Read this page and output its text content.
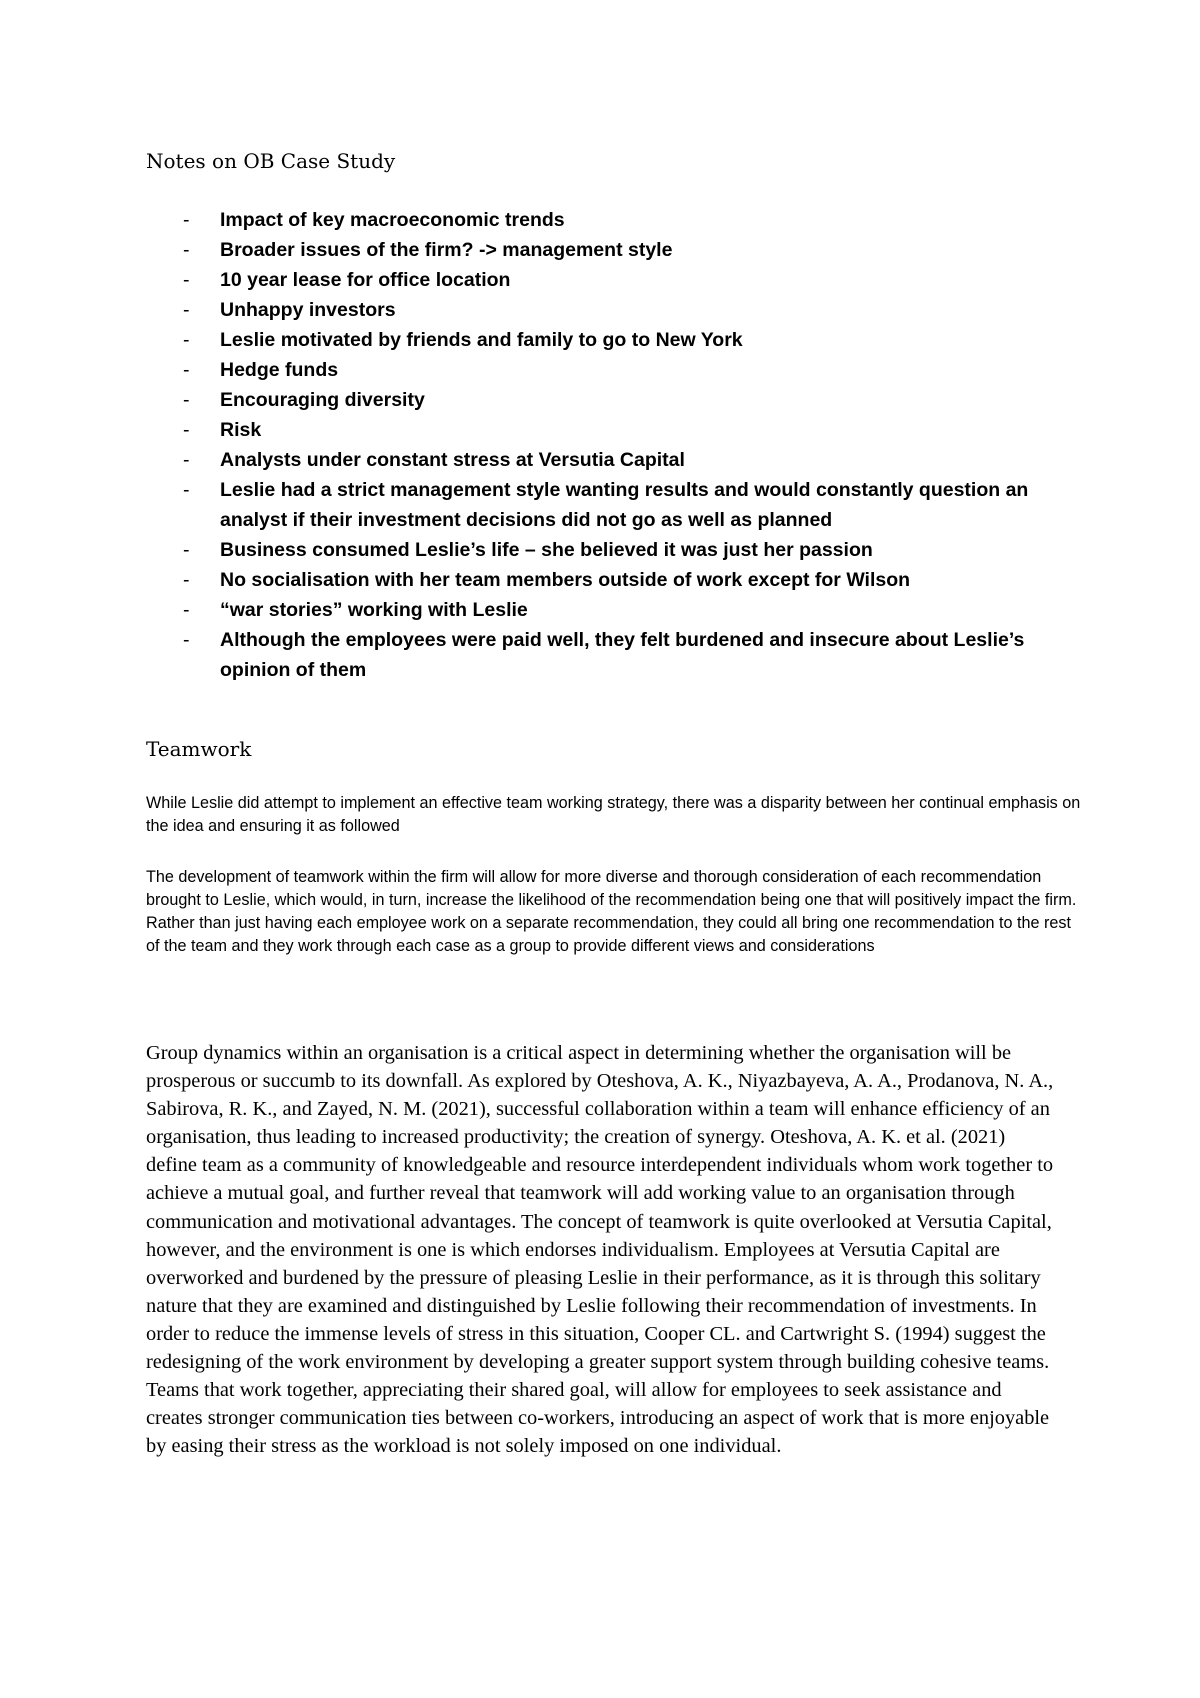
Notes on OB Case Study
- Impact of key macroeconomic trends
- Broader issues of the firm? -> management style
- 10 year lease for office location
- Unhappy investors
- Leslie motivated by friends and family to go to New York
- Hedge funds
- Encouraging diversity
- Risk
- Analysts under constant stress at Versutia Capital
- Leslie had a strict management style wanting results and would constantly question an analyst if their investment decisions did not go as well as planned
- Business consumed Leslie’s life – she believed it was just her passion
- No socialisation with her team members outside of work except for Wilson
- “war stories” working with Leslie
- Although the employees were paid well, they felt burdened and insecure about Leslie’s opinion of them
Teamwork

While Leslie did attempt to implement an effective team working strategy, there was a disparity between her continual emphasis on the idea and ensuring it as followed

The development of teamwork within the firm will allow for more diverse and thorough consideration of each recommendation brought to Leslie, which would, in turn, increase the likelihood of the recommendation being one that will positively impact the firm. Rather than just having each employee work on a separate recommendation, they could all bring one recommendation to the rest of the team and they work through each case as a group to provide different views and considerations

Group dynamics within an organisation is a critical aspect in determining whether the organisation will be prosperous or succumb to its downfall. As explored by Oteshova, A. K., Niyazbayeva, A. A., Prodanova, N. A., Sabirova, R. K., and Zayed, N. M. (2021), successful collaboration within a team will enhance efficiency of an organisation, thus leading to increased productivity; the creation of synergy. Oteshova, A. K. et al. (2021) define team as a community of knowledgeable and resource interdependent individuals whom work together to achieve a mutual goal, and further reveal that teamwork will add working value to an organisation through communication and motivational advantages. The concept of teamwork is quite overlooked at Versutia Capital, however, and the environment is one is which endorses individualism. Employees at Versutia Capital are overworked and burdened by the pressure of pleasing Leslie in their performance, as it is through this solitary nature that they are examined and distinguished by Leslie following their recommendation of investments. In order to reduce the immense levels of stress in this situation, Cooper CL. and Cartwright S. (1994) suggest the redesigning of the work environment by developing a greater support system through building cohesive teams. Teams that work together, appreciating their shared goal, will allow for employees to seek assistance and creates stronger communication ties between co-workers, introducing an aspect of work that is more enjoyable by easing their stress as the workload is not solely imposed on one individual.
